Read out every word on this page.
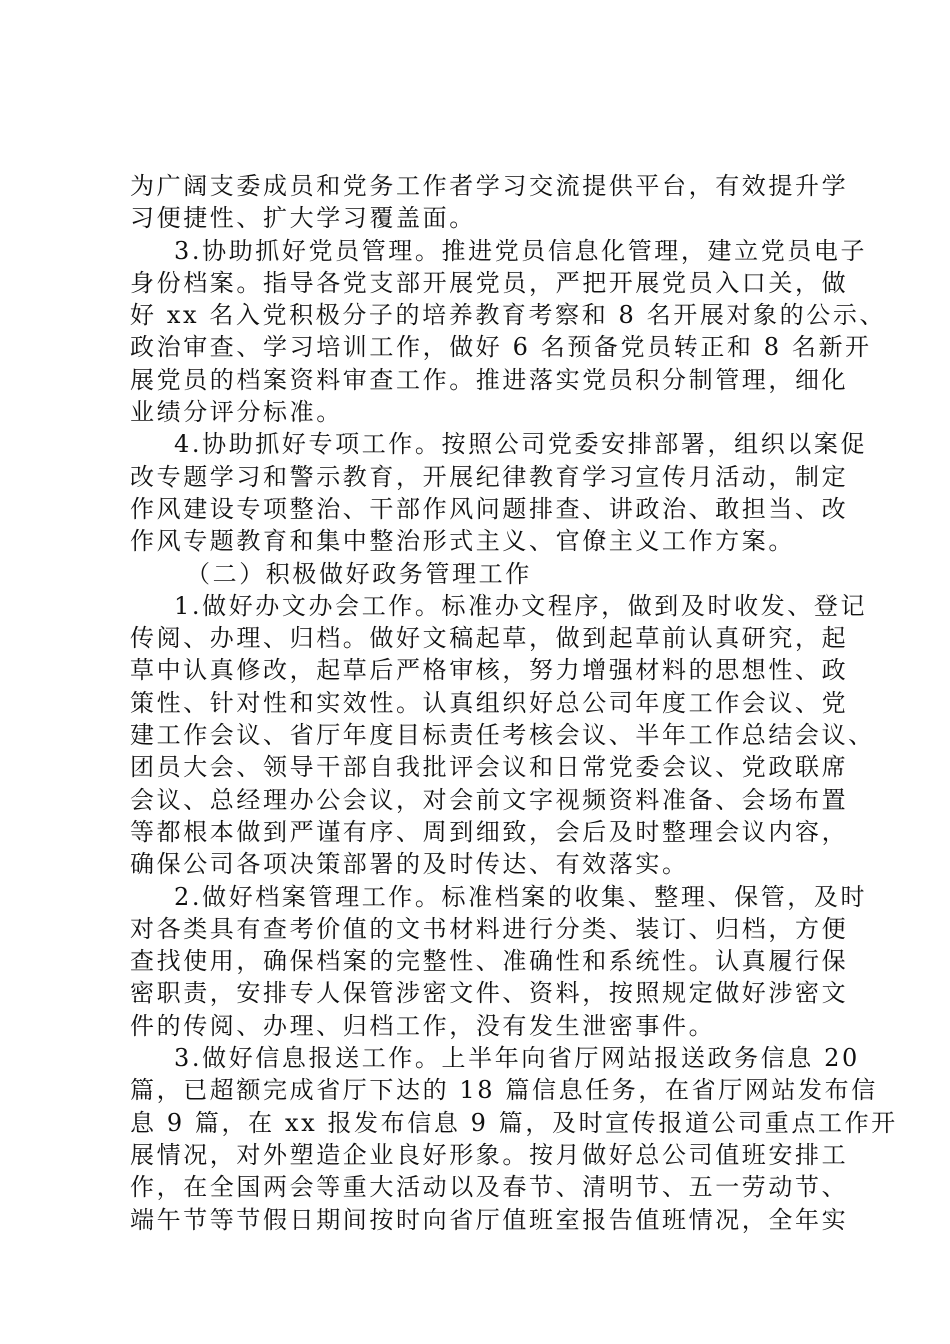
为广阔支委成员和党务工作者学习交流提供平台，有效提升学
习便捷性、扩大学习覆盖面。
3.协助抓好党员管理。推进党员信息化管理，建立党员电子
身份档案。指导各党支部开展党员，严把开展党员入口关，做
好 xx 名入党积极分子的培养教育考察和 8 名开展对象的公示、
政治审查、学习培训工作，做好 6 名预备党员转正和 8 名新开
展党员的档案资料审查工作。推进落实党员积分制管理，细化
业绩分评分标准。
4.协助抓好专项工作。按照公司党委安排部署，组织以案促
改专题学习和警示教育，开展纪律教育学习宣传月活动，制定
作风建设专项整治、干部作风问题排查、讲政治、敢担当、改
作风专题教育和集中整治形式主义、官僚主义工作方案。
（二）积极做好政务管理工作
1.做好办文办会工作。标准办文程序，做到及时收发、登记
传阅、办理、归档。做好文稿起草，做到起草前认真研究，起
草中认真修改，起草后严格审核，努力增强材料的思想性、政
策性、针对性和实效性。认真组织好总公司年度工作会议、党
建工作会议、省厅年度目标责任考核会议、半年工作总结会议、
团员大会、领导干部自我批评会议和日常党委会议、党政联席
会议、总经理办公会议，对会前文字视频资料准备、会场布置
等都根本做到严谨有序、周到细致，会后及时整理会议内容，
确保公司各项决策部署的及时传达、有效落实。
2.做好档案管理工作。标准档案的收集、整理、保管，及时
对各类具有查考价值的文书材料进行分类、装订、归档，方便
查找使用，确保档案的完整性、准确性和系统性。认真履行保
密职责，安排专人保管涉密文件、资料，按照规定做好涉密文
件的传阅、办理、归档工作，没有发生泄密事件。
3.做好信息报送工作。上半年向省厅网站报送政务信息 20
篇，已超额完成省厅下达的 18 篇信息任务，在省厅网站发布信
息 9 篇，在 xx 报发布信息 9 篇，及时宣传报道公司重点工作开
展情况，对外塑造企业良好形象。按月做好总公司值班安排工
作，在全国两会等重大活动以及春节、清明节、五一劳动节、
端午节等节假日期间按时向省厅值班室报告值班情况，全年实
